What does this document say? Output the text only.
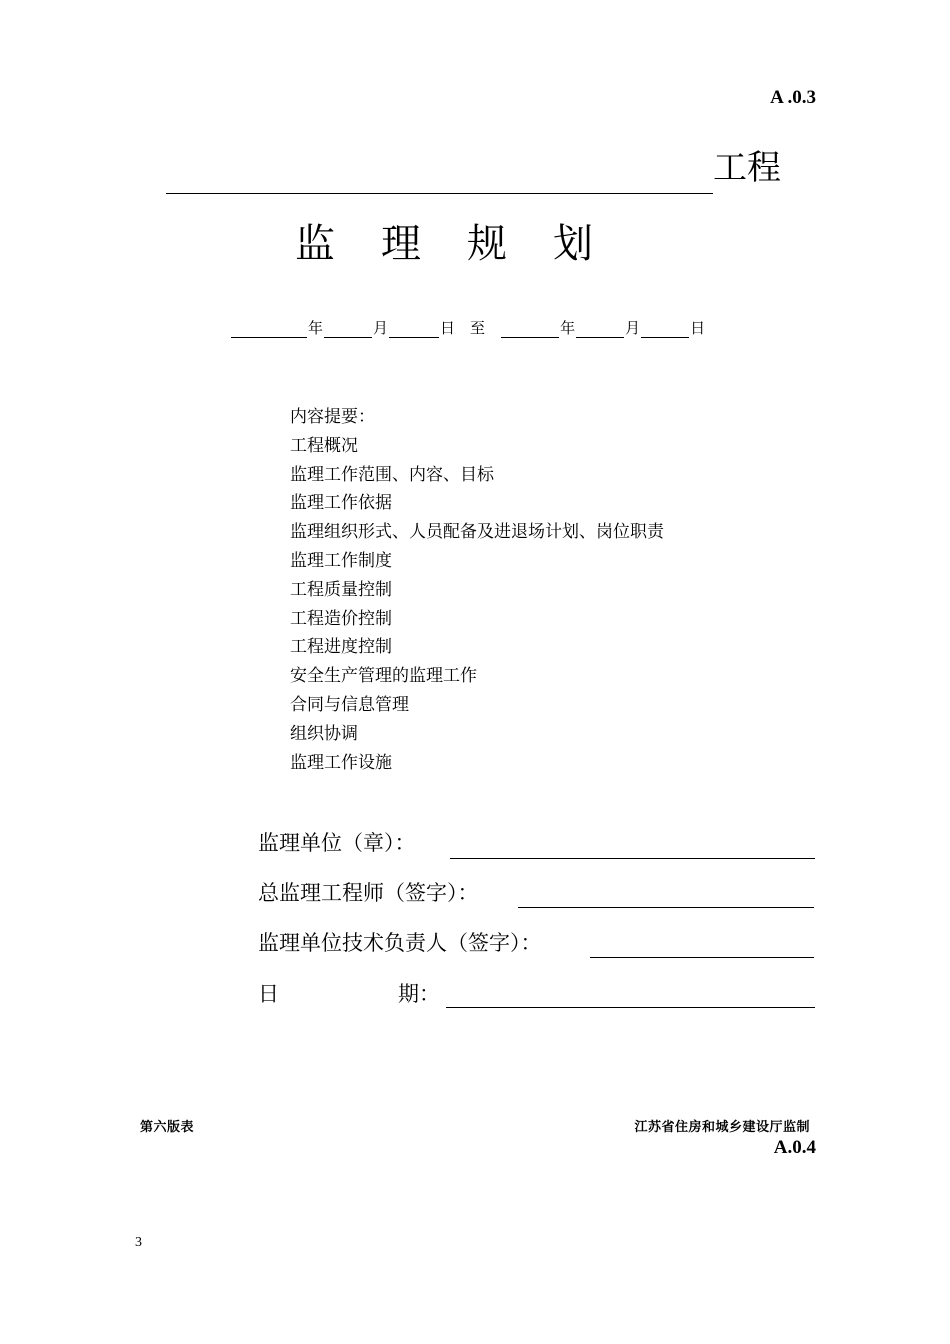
A .0.3
工程
监 理 规 划
年	月	日	至	年	月	日
内容提要：
工程概况
监理工作范围、内容、目标
监理工作依据
监理组织形式、人员配备及进退场计划、岗位职责
监理工作制度
工程质量控制
工程造价控制
工程进度控制
安全生产管理的监理工作
合同与信息管理
组织协调
监理工作设施
监理单位（章）：
总监理工程师（签字）：
监理单位技术负责人（签字）：
日	期：
第六版表	江苏省住房和城乡建设厅监制
A.0.4
3
